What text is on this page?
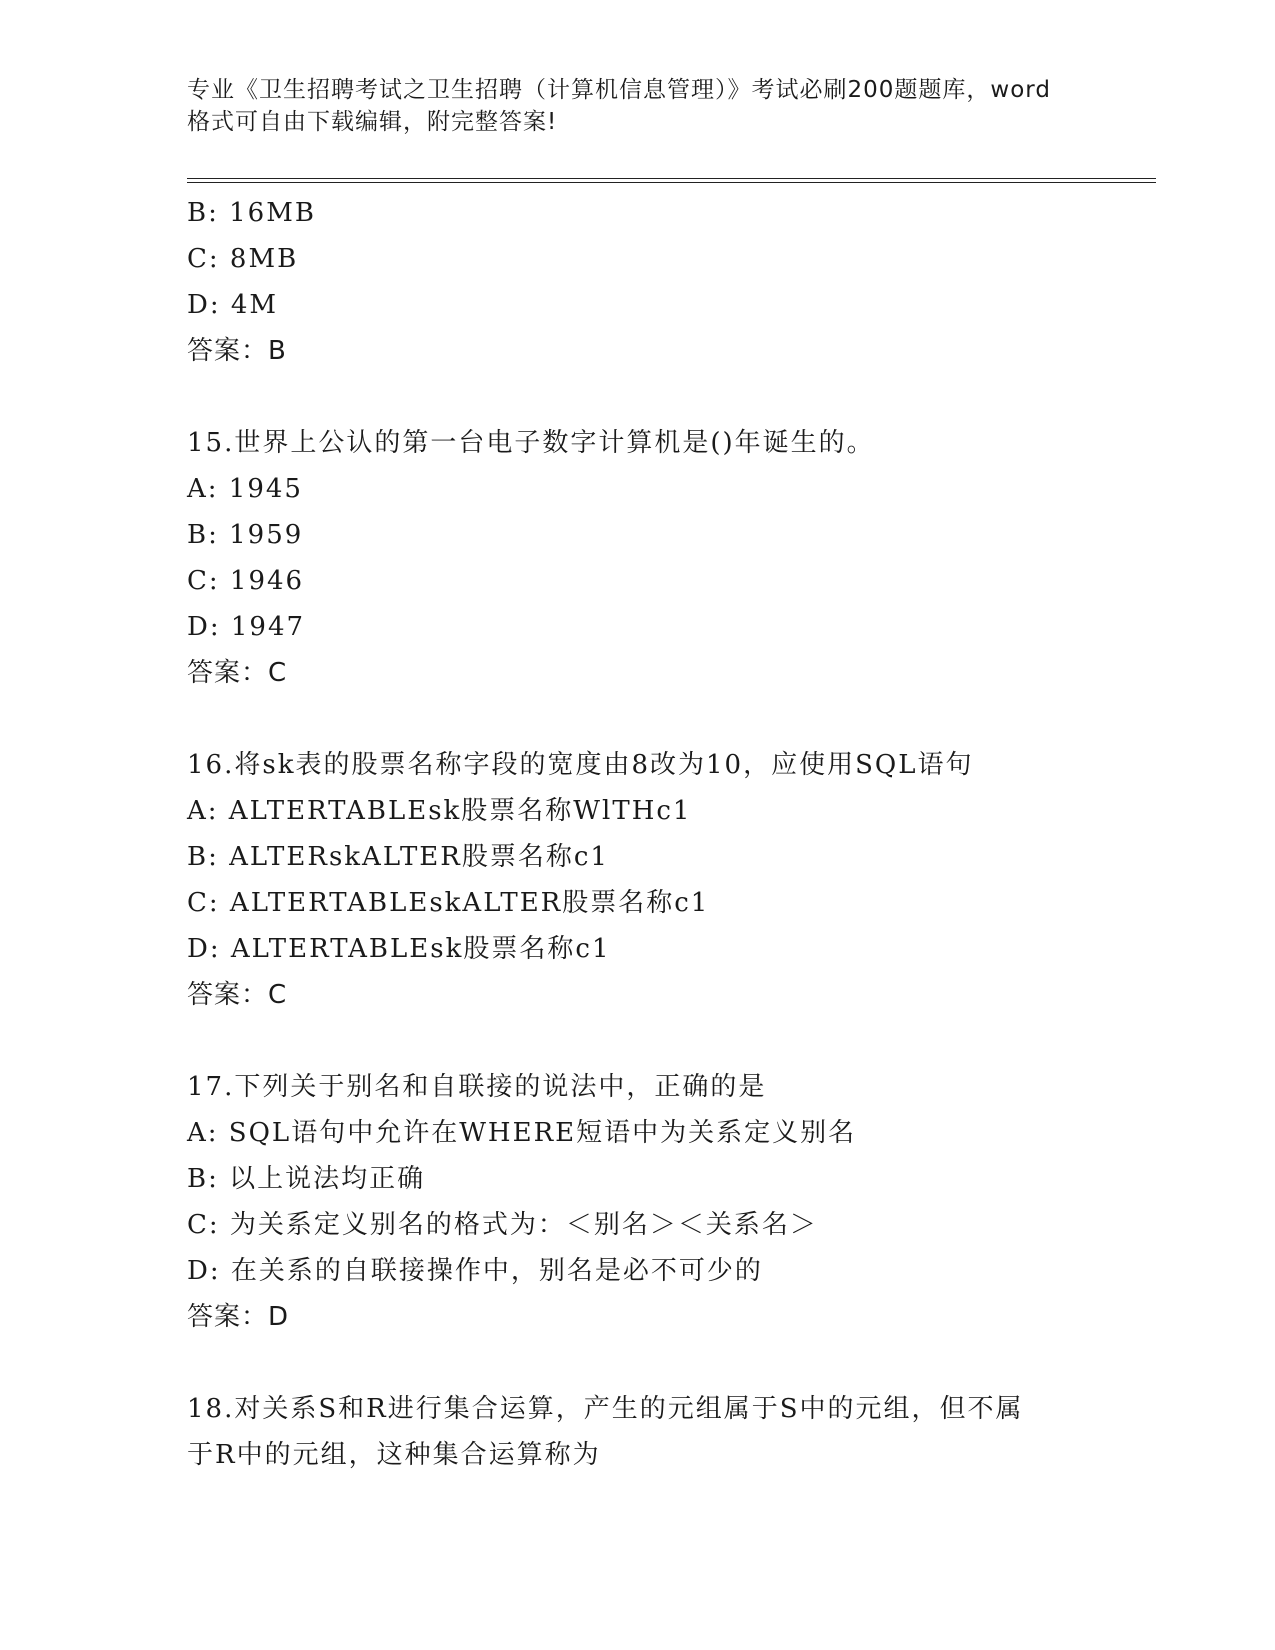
专业《卫生招聘考试之卫生招聘（计算机信息管理）》考试必刷200题题库，word
格式可自由下载编辑，附完整答案!
B: 16MB
C: 8MB
D: 4M
答案：B
15.世界上公认的第一台电子数字计算机是()年诞生的。
A: 1945
B: 1959
C: 1946
D: 1947
答案：C
16.将sk表的股票名称字段的宽度由8改为10，应使用SQL语句
A: ALTERTABLEsk股票名称WlTHc1
B: ALTERskALTER股票名称c1
C: ALTERTABLEskALTER股票名称c1
D: ALTERTABLEsk股票名称c1
答案：C
17.下列关于别名和自联接的说法中，正确的是
A: SQL语句中允许在WHERE短语中为关系定义别名
B: 以上说法均正确
C: 为关系定义别名的格式为：＜别名＞＜关系名＞
D: 在关系的自联接操作中，别名是必不可少的
答案：D
18.对关系S和R进行集合运算，产生的元组属于S中的元组，但不属
于R中的元组，这种集合运算称为
